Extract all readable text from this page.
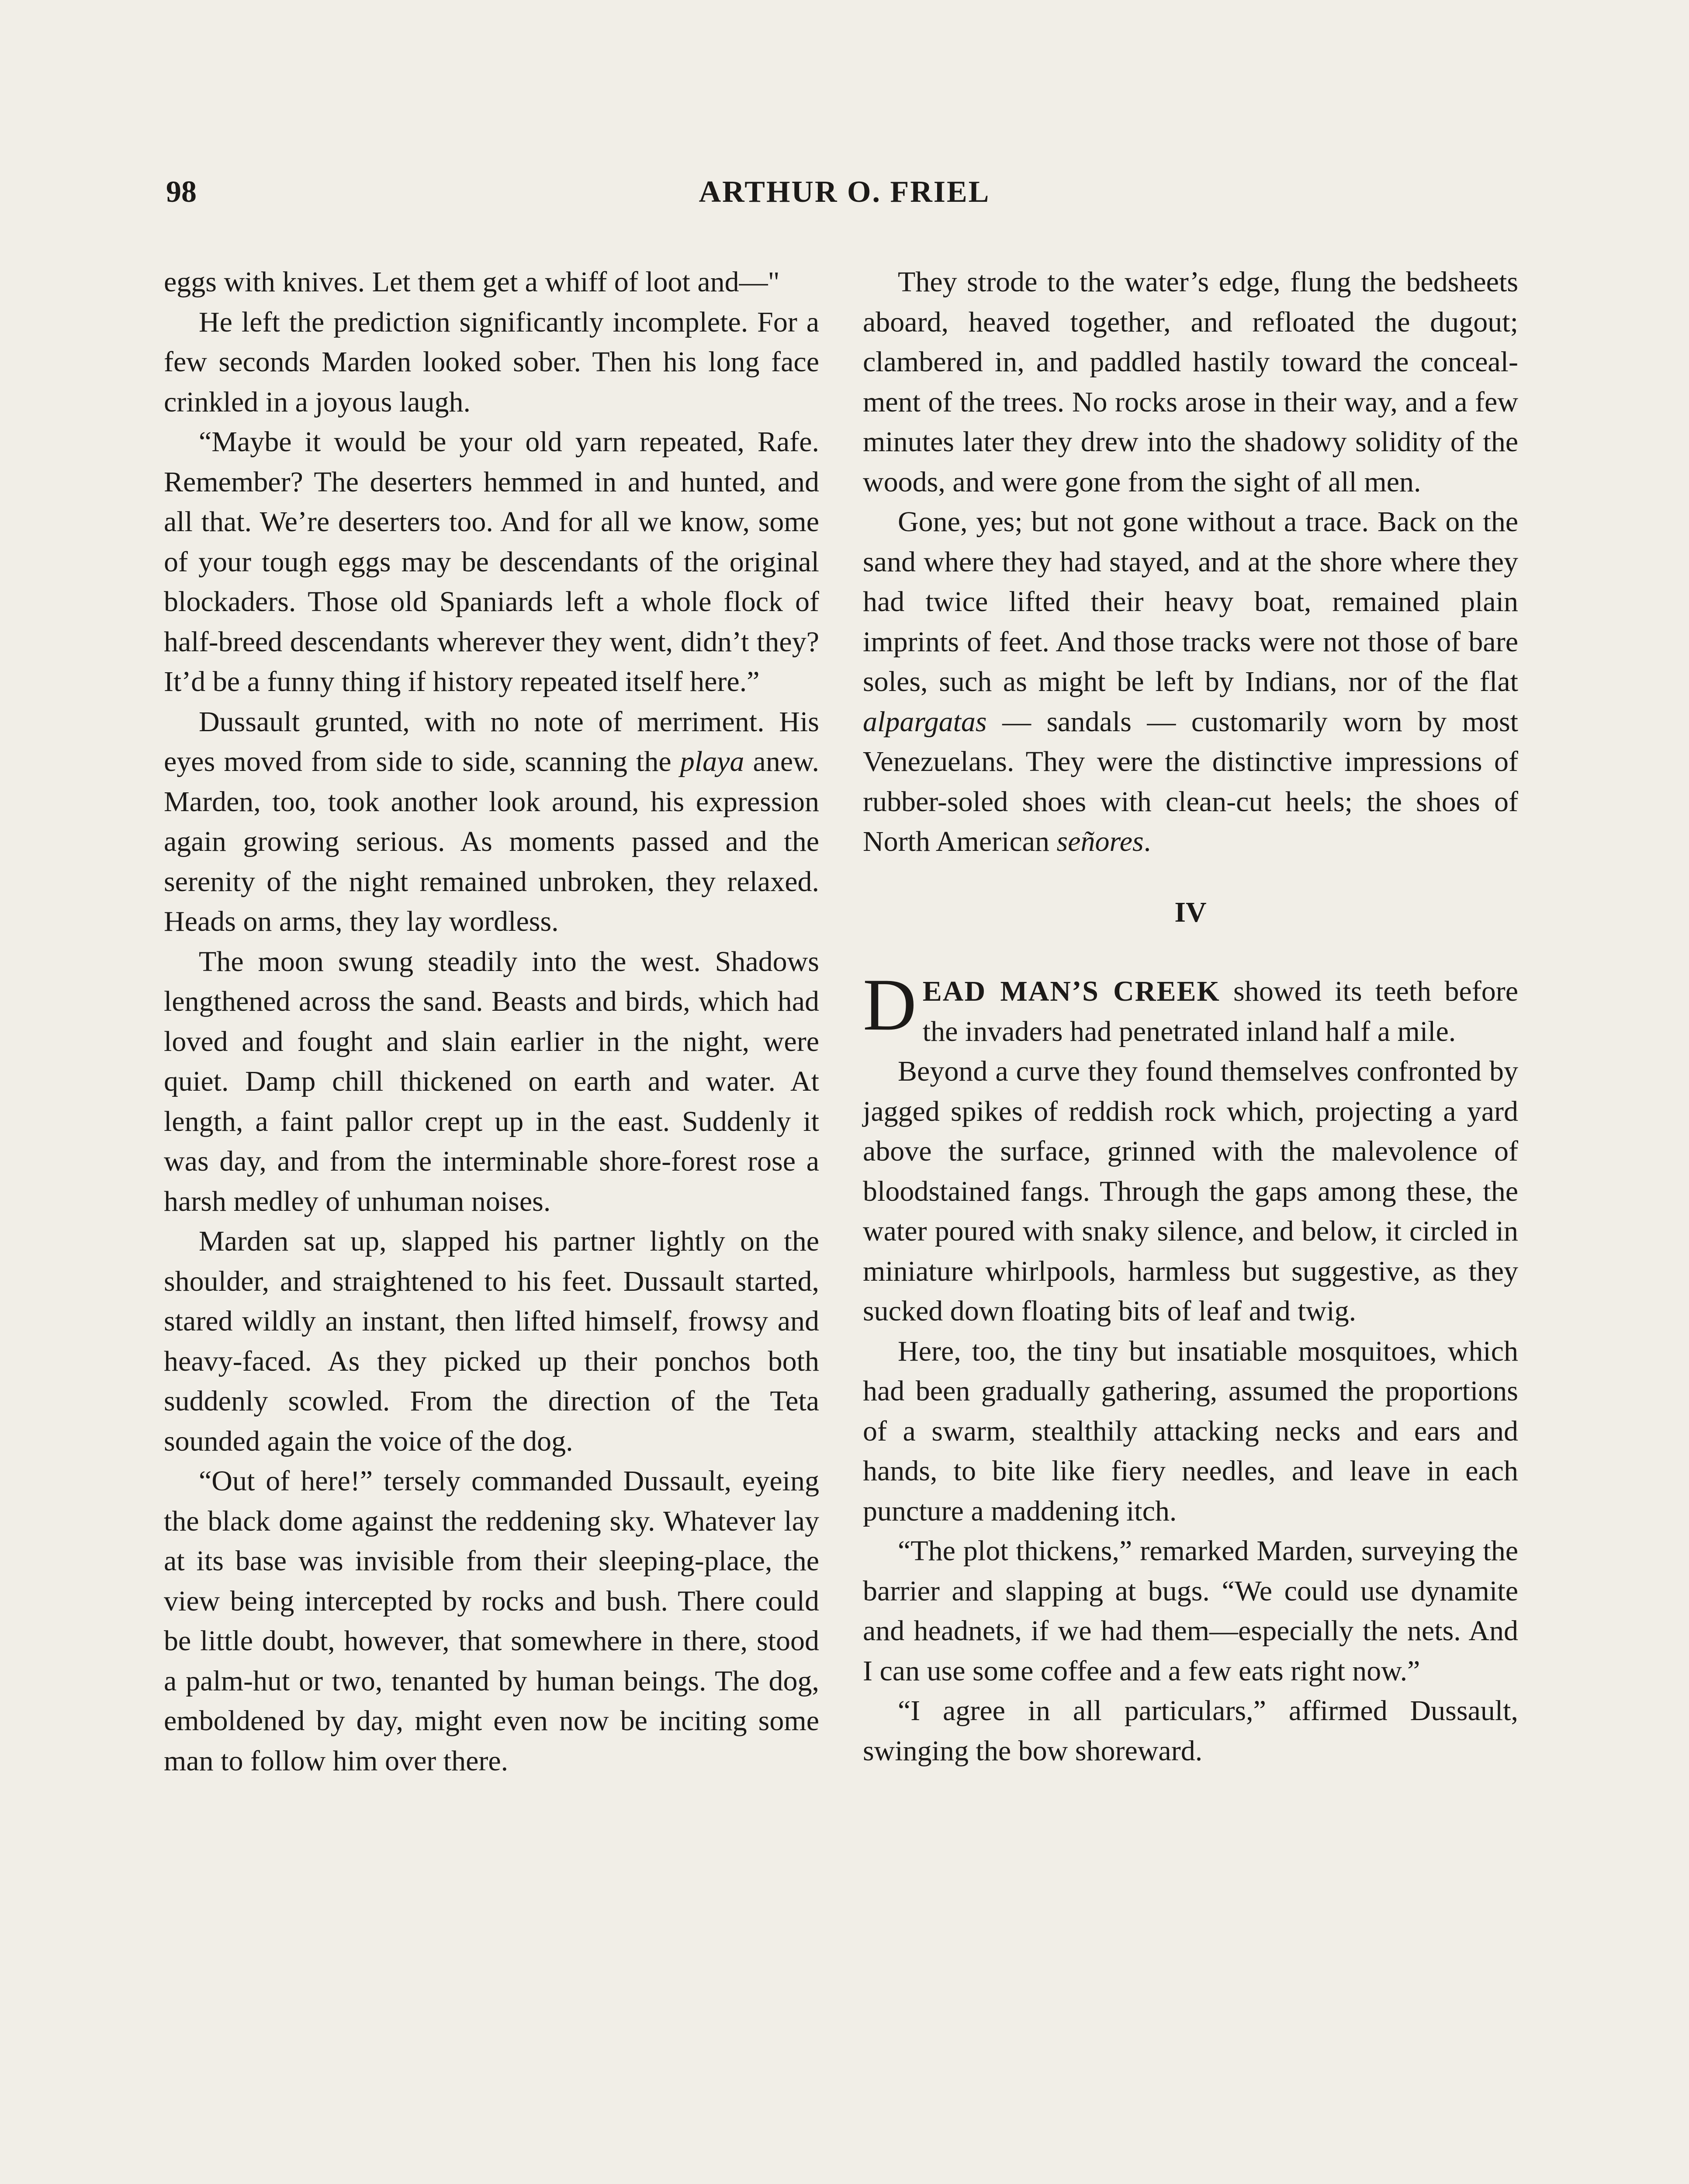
98	ARTHUR O. FRIEL

eggs with knives. Let them get a whiff of loot and—"

He left the prediction significantly incomplete. For a few seconds Marden looked sober. Then his long face crinkled in a joyous laugh.

“Maybe it would be your old yarn repeated, Rafe. Remember? The deserters hemmed in and hunted, and all that. We’re deserters too. And for all we know, some of your tough eggs may be descendants of the original blockaders. Those old Spaniards left a whole flock of half-breed descendants wherever they went, didn’t they? It’d be a funny thing if history repeated itself here.”

Dussault grunted, with no note of merriment. His eyes moved from side to side, scanning the playa anew. Marden, too, took another look around, his expression again growing serious. As moments passed and the serenity of the night remained unbroken, they relaxed. Heads on arms, they lay wordless.

The moon swung steadily into the west. Shadows lengthened across the sand. Beasts and birds, which had loved and fought and slain earlier in the night, were quiet. Damp chill thickened on earth and water. At length, a faint pallor crept up in the east. Suddenly it was day, and from the interminable shore-forest rose a harsh medley of unhuman noises.

Marden sat up, slapped his partner lightly on the shoulder, and straightened to his feet. Dussault started, stared wildly an instant, then lifted himself, frowsy and heavy-faced. As they picked up their ponchos both suddenly scowled. From the direction of the Teta sounded again the voice of the dog.

“Out of here!” tersely commanded Dussault, eyeing the black dome against the reddening sky. Whatever lay at its base was invisible from their sleeping-place, the view being intercepted by rocks and bush. There could be little doubt, however, that somewhere in there, stood a palm-hut or two, tenanted by human beings. The dog, emboldened by day, might even now be inciting some man to follow him over there.

They strode to the water’s edge, flung the bedsheets aboard, heaved together, and refloated the dugout; clambered in, and paddled hastily toward the concealment of the trees. No rocks arose in their way, and a few minutes later they drew into the shadowy solidity of the woods, and were gone from the sight of all men.

Gone, yes; but not gone without a trace. Back on the sand where they had stayed, and at the shore where they had twice lifted their heavy boat, remained plain imprints of feet. And those tracks were not those of bare soles, such as might be left by Indians, nor of the flat alpargatas — sandals — customarily worn by most Venezuelans. They were the distinctive impressions of rubber-soled shoes with clean-cut heels; the shoes of North American señores.

IV

DEAD MAN’S CREEK showed its teeth before the invaders had penetrated inland half a mile.

Beyond a curve they found themselves confronted by jagged spikes of reddish rock which, projecting a yard above the surface, grinned with the malevolence of bloodstained fangs. Through the gaps among these, the water poured with snaky silence, and below, it circled in miniature whirlpools, harmless but suggestive, as they sucked down floating bits of leaf and twig.

Here, too, the tiny but insatiable mosquitoes, which had been gradually gathering, assumed the proportions of a swarm, stealthily attacking necks and ears and hands, to bite like fiery needles, and leave in each puncture a maddening itch.

“The plot thickens,” remarked Marden, surveying the barrier and slapping at bugs. “We could use dynamite and headnets, if we had them—especially the nets. And I can use some coffee and a few eats right now.”

“I agree in all particulars,” affirmed Dussault, swinging the bow shoreward.
